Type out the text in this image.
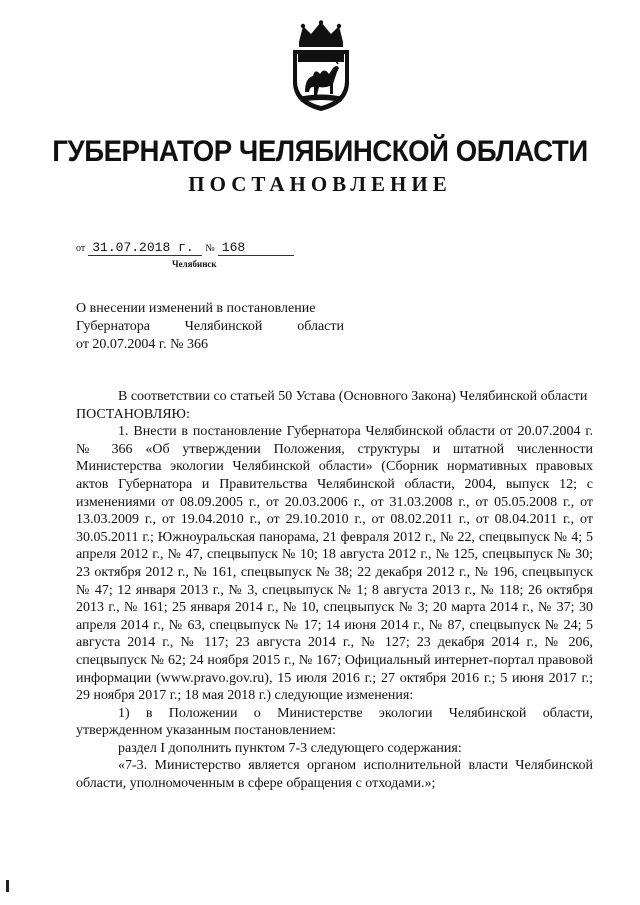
ГУБЕРНАТОР ЧЕЛЯБИНСКОЙ ОБЛАСТИ
ПОСТАНОВЛЕНИЕ
от 31.07.2018 г. № 168
Челябинск
О внесении изменений в постановление
Губернатора Челябинской области
от 20.07.2004 г. № 366

В соответствии со статьей 50 Устава (Основного Закона) Челябинской области

ПОСТАНОВЛЯЮ:

1. Внести в постановление Губернатора Челябинской области от 20.07.2004 г. № 366 «Об утверждении Положения, структуры и штатной численности Министерства экологии Челябинской области» (Сборник нормативных правовых актов Губернатора и Правительства Челябинской области, 2004, выпуск 12; с изменениями от 08.09.2005 г., от 20.03.2006 г., от 31.03.2008 г., от 05.05.2008 г., от 13.03.2009 г., от 19.04.2010 г., от 29.10.2010 г., от 08.02.2011 г., от 08.04.2011 г., от 30.05.2011 г.; Южноуральская панорама, 21 февраля 2012 г., № 22, спецвыпуск № 4; 5 апреля 2012 г., № 47, спецвыпуск № 10; 18 августа 2012 г., № 125, спецвыпуск № 30; 23 октября 2012 г., № 161, спецвыпуск № 38; 22 декабря 2012 г., № 196, спецвыпуск № 47; 12 января 2013 г., № 3, спецвыпуск № 1; 8 августа 2013 г., № 118; 26 октября 2013 г., № 161; 25 января 2014 г., № 10, спецвыпуск № 3; 20 марта 2014 г., № 37; 30 апреля 2014 г., № 63, спецвыпуск № 17; 14 июня 2014 г., № 87, спецвыпуск № 24; 5 августа 2014 г., № 117; 23 августа 2014 г., № 127; 23 декабря 2014 г., № 206, спецвыпуск № 62; 24 ноября 2015 г., № 167; Официальный интернет-портал правовой информации (www.pravo.gov.ru), 15 июля 2016 г.; 27 октября 2016 г.; 5 июня 2017 г.; 29 ноября 2017 г.; 18 мая 2018 г.) следующие изменения:

1) в Положении о Министерстве экологии Челябинской области, утвержденном указанным постановлением:

раздел I дополнить пунктом 7-3 следующего содержания:

«7-3. Министерство является органом исполнительной власти Челябинской области, уполномоченным в сфере обращения с отходами.»;
